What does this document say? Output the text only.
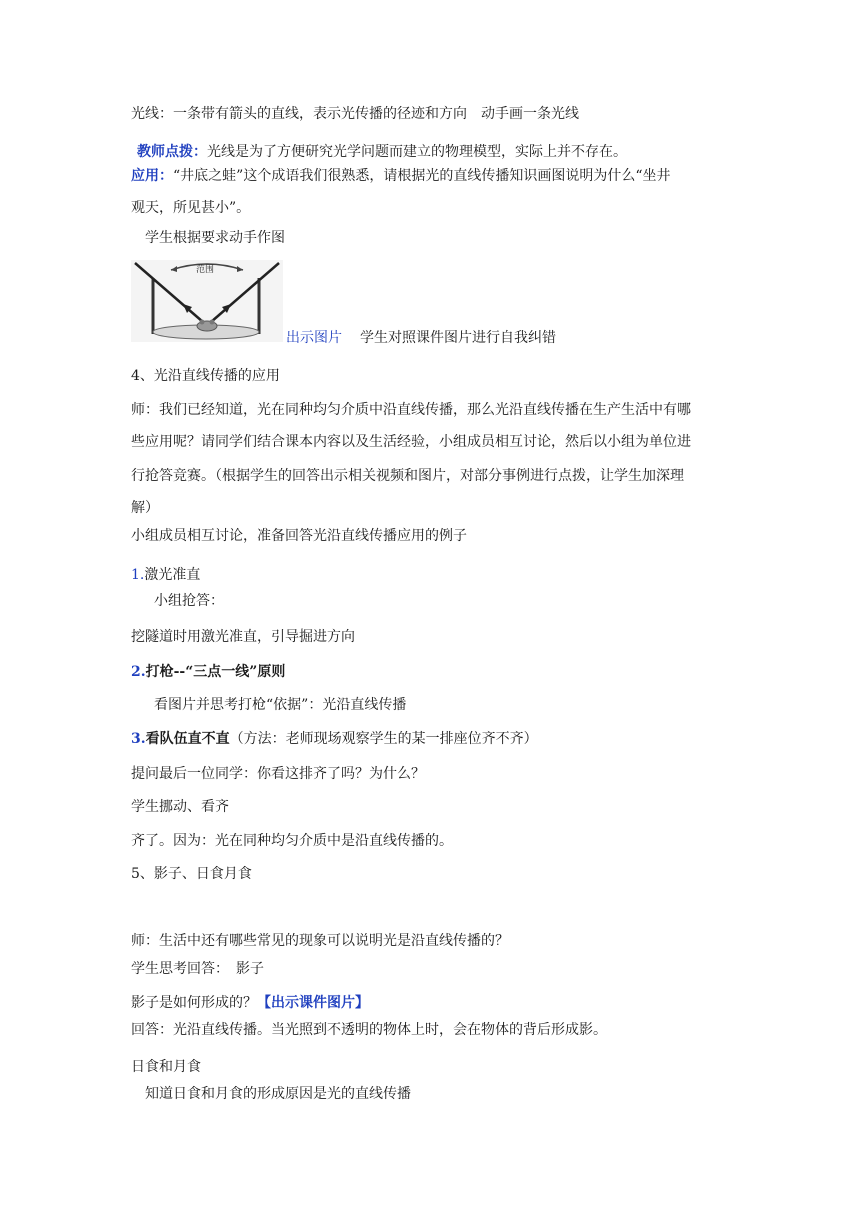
光线：一条带有箭头的直线，表示光传播的径迹和方向　动手画一条光线
教师点拨：光线是为了方便研究光学问题而建立的物理模型，实际上并不存在。
应用：“井底之蛙”这个成语我们很熟悉，请根据光的直线传播知识画图说明为什么“坐井
观天，所见甚小”。
学生根据要求动手作图
范围
出示图片 学生对照课件图片进行自我纠错
4、光沿直线传播的应用
师：我们已经知道，光在同种均匀介质中沿直线传播，那么光沿直线传播在生产生活中有哪
些应用呢？请同学们结合课本内容以及生活经验，小组成员相互讨论，然后以小组为单位进
行抢答竞赛。（根据学生的回答出示相关视频和图片，对部分事例进行点拨，让学生加深理
解）
小组成员相互讨论，准备回答光沿直线传播应用的例子
1.激光准直
小组抢答：
挖隧道时用激光准直，引导掘进方向
2.打枪--“三点一线”原则
看图片并思考打枪“依据”：光沿直线传播
3.看队伍直不直（方法：老师现场观察学生的某一排座位齐不齐）
提问最后一位同学：你看这排齐了吗？为什么？
学生挪动、看齐
齐了。因为：光在同种均匀介质中是沿直线传播的。
5、影子、日食月食
师：生活中还有哪些常见的现象可以说明光是沿直线传播的？
学生思考回答：　影子
影子是如何形成的？【出示课件图片】
回答：光沿直线传播。当光照到不透明的物体上时，会在物体的背后形成影。
日食和月食
知道日食和月食的形成原因是光的直线传播
